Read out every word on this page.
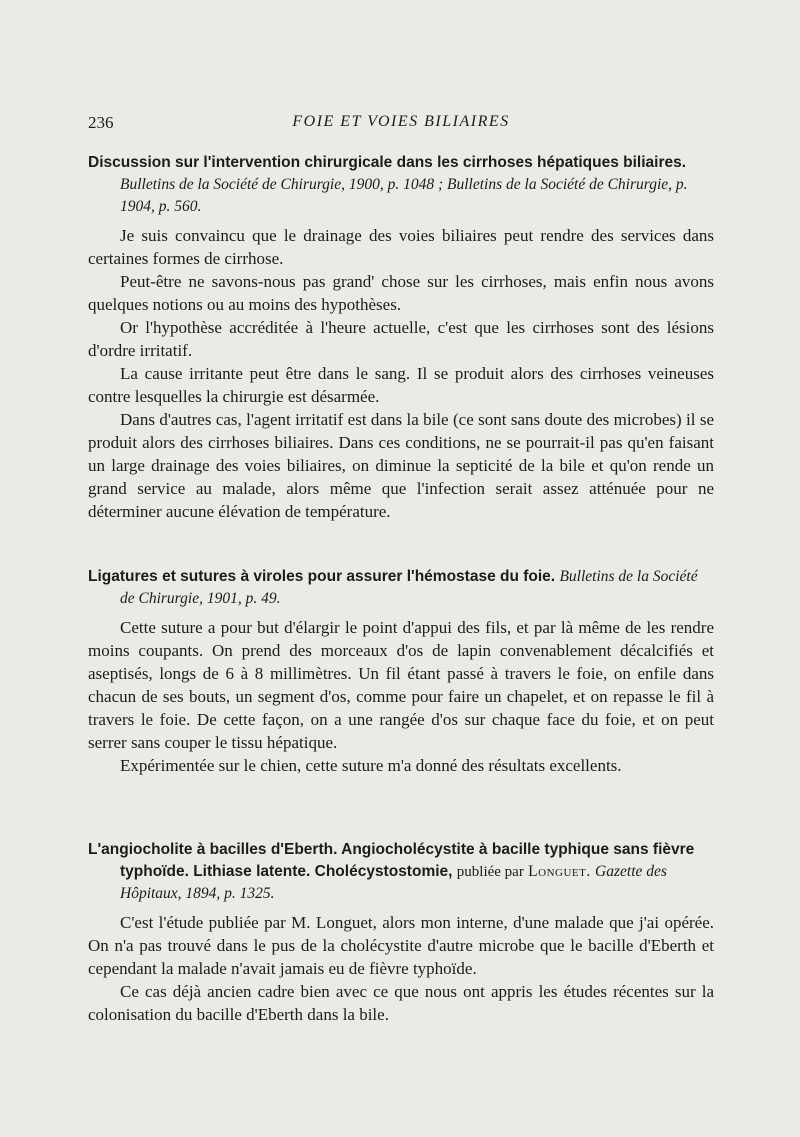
236	FOIE ET VOIES BILIAIRES

Discussion sur l'intervention chirurgicale dans les cirrhoses hépatiques biliaires. Bulletins de la Société de Chirurgie, 1900, p. 1048 ; Bulletins de la Société de Chirurgie, p. 1904, p. 560.

Je suis convaincu que le drainage des voies biliaires peut rendre des services dans certaines formes de cirrhose.

Peut-être ne savons-nous pas grand' chose sur les cirrhoses, mais enfin nous avons quelques notions ou au moins des hypothèses.

Or l'hypothèse accréditée à l'heure actuelle, c'est que les cirrhoses sont des lésions d'ordre irritatif.

La cause irritante peut être dans le sang. Il se produit alors des cirrhoses veineuses contre lesquelles la chirurgie est désarmée.

Dans d'autres cas, l'agent irritatif est dans la bile (ce sont sans doute des microbes) il se produit alors des cirrhoses biliaires. Dans ces conditions, ne se pourrait-il pas qu'en faisant un large drainage des voies biliaires, on diminue la septicité de la bile et qu'on rende un grand service au malade, alors même que l'infection serait assez atténuée pour ne déterminer aucune élévation de température.

Ligatures et sutures à viroles pour assurer l'hémostase du foie. Bulletins de la Société de Chirurgie, 1901, p. 49.

Cette suture a pour but d'élargir le point d'appui des fils, et par là même de les rendre moins coupants. On prend des morceaux d'os de lapin convenablement décalcifiés et aseptisés, longs de 6 à 8 millimètres. Un fil étant passé à travers le foie, on enfile dans chacun de ses bouts, un segment d'os, comme pour faire un chapelet, et on repasse le fil à travers le foie. De cette façon, on a une rangée d'os sur chaque face du foie, et on peut serrer sans couper le tissu hépatique.

Expérimentée sur le chien, cette suture m'a donné des résultats excellents.

L'angiocholite à bacilles d'Eberth. Angiocholécystite à bacille typhique sans fièvre typhoïde. Lithiase latente. Cholécystostomie, publiée par Longuet. Gazette des Hôpitaux, 1894, p. 1325.

C'est l'étude publiée par M. Longuet, alors mon interne, d'une malade que j'ai opérée. On n'a pas trouvé dans le pus de la cholécystite d'autre microbe que le bacille d'Eberth et cependant la malade n'avait jamais eu de fièvre typhoïde.

Ce cas déjà ancien cadre bien avec ce que nous ont appris les études récentes sur la colonisation du bacille d'Eberth dans la bile.
